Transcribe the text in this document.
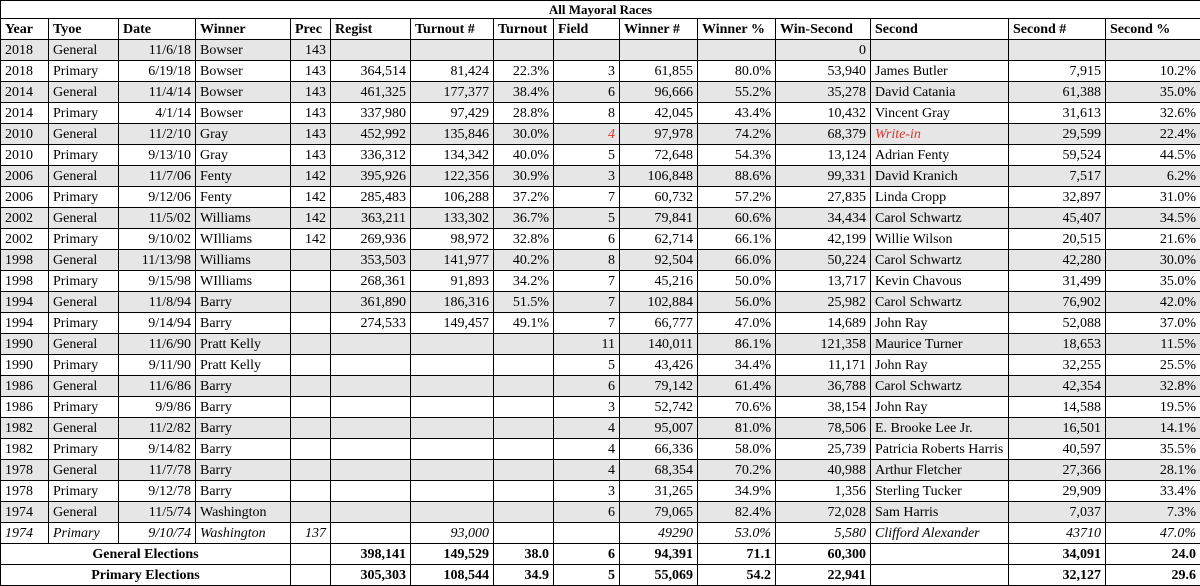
All Mayoral Races														
Year	Tyoe	Date	Winner	Prec	Regist	Turnout #	Turnout	Field	Winner #	Winner %	Win-Second	Second	Second #	Second %
2018	General	11/6/18	Bowser	143							0			
2018	Primary	6/19/18	Bowser	143	364,514	81,424	22.3%	3	61,855	80.0%	53,940	James Butler	7,915	10.2%
2014	General	11/4/14	Bowser	143	461,325	177,377	38.4%	6	96,666	55.2%	35,278	David Catania	61,388	35.0%
2014	Primary	4/1/14	Bowser	143	337,980	97,429	28.8%	8	42,045	43.4%	10,432	Vincent Gray	31,613	32.6%
2010	General	11/2/10	Gray	143	452,992	135,846	30.0%	4	97,978	74.2%	68,379	Write-in	29,599	22.4%
2010	Primary	9/13/10	Gray	143	336,312	134,342	40.0%	5	72,648	54.3%	13,124	Adrian Fenty	59,524	44.5%
2006	General	11/7/06	Fenty	142	395,926	122,356	30.9%	3	106,848	88.6%	99,331	David Kranich	7,517	6.2%
2006	Primary	9/12/06	Fenty	142	285,483	106,288	37.2%	7	60,732	57.2%	27,835	Linda Cropp	32,897	31.0%
2002	General	11/5/02	Williams	142	363,211	133,302	36.7%	5	79,841	60.6%	34,434	Carol Schwartz	45,407	34.5%
2002	Primary	9/10/02	WIlliams	142	269,936	98,972	32.8%	6	62,714	66.1%	42,199	Willie Wilson	20,515	21.6%
1998	General	11/13/98	Williams		353,503	141,977	40.2%	8	92,504	66.0%	50,224	Carol Schwartz	42,280	30.0%
1998	Primary	9/15/98	WIlliams		268,361	91,893	34.2%	7	45,216	50.0%	13,717	Kevin Chavous	31,499	35.0%
1994	General	11/8/94	Barry		361,890	186,316	51.5%	7	102,884	56.0%	25,982	Carol Schwartz	76,902	42.0%
1994	Primary	9/14/94	Barry		274,533	149,457	49.1%	7	66,777	47.0%	14,689	John Ray	52,088	37.0%
1990	General	11/6/90	Pratt Kelly					11	140,011	86.1%	121,358	Maurice Turner	18,653	11.5%
1990	Primary	9/11/90	Pratt Kelly					5	43,426	34.4%	11,171	John Ray	32,255	25.5%
1986	General	11/6/86	Barry					6	79,142	61.4%	36,788	Carol Schwartz	42,354	32.8%
1986	Primary	9/9/86	Barry					3	52,742	70.6%	38,154	John Ray	14,588	19.5%
1982	General	11/2/82	Barry					4	95,007	81.0%	78,506	E. Brooke Lee Jr.	16,501	14.1%
1982	Primary	9/14/82	Barry					4	66,336	58.0%	25,739	Patricia Roberts Harris	40,597	35.5%
1978	General	11/7/78	Barry					4	68,354	70.2%	40,988	Arthur Fletcher	27,366	28.1%
1978	Primary	9/12/78	Barry					3	31,265	34.9%	1,356	Sterling Tucker	29,909	33.4%
1974	General	11/5/74	Washington					6	79,065	82.4%	72,028	Sam Harris	7,037	7.3%
1974	Primary	9/10/74	Washington	137		93,000			49290	53.0%	5,580	Clifford Alexander	43710	47.0%
General Elections					398,141	149,529	38.0	6	94,391	71.1	60,300		34,091	24.0
Primary Elections					305,303	108,544	34.9	5	55,069	54.2	22,941		32,127	29.6
